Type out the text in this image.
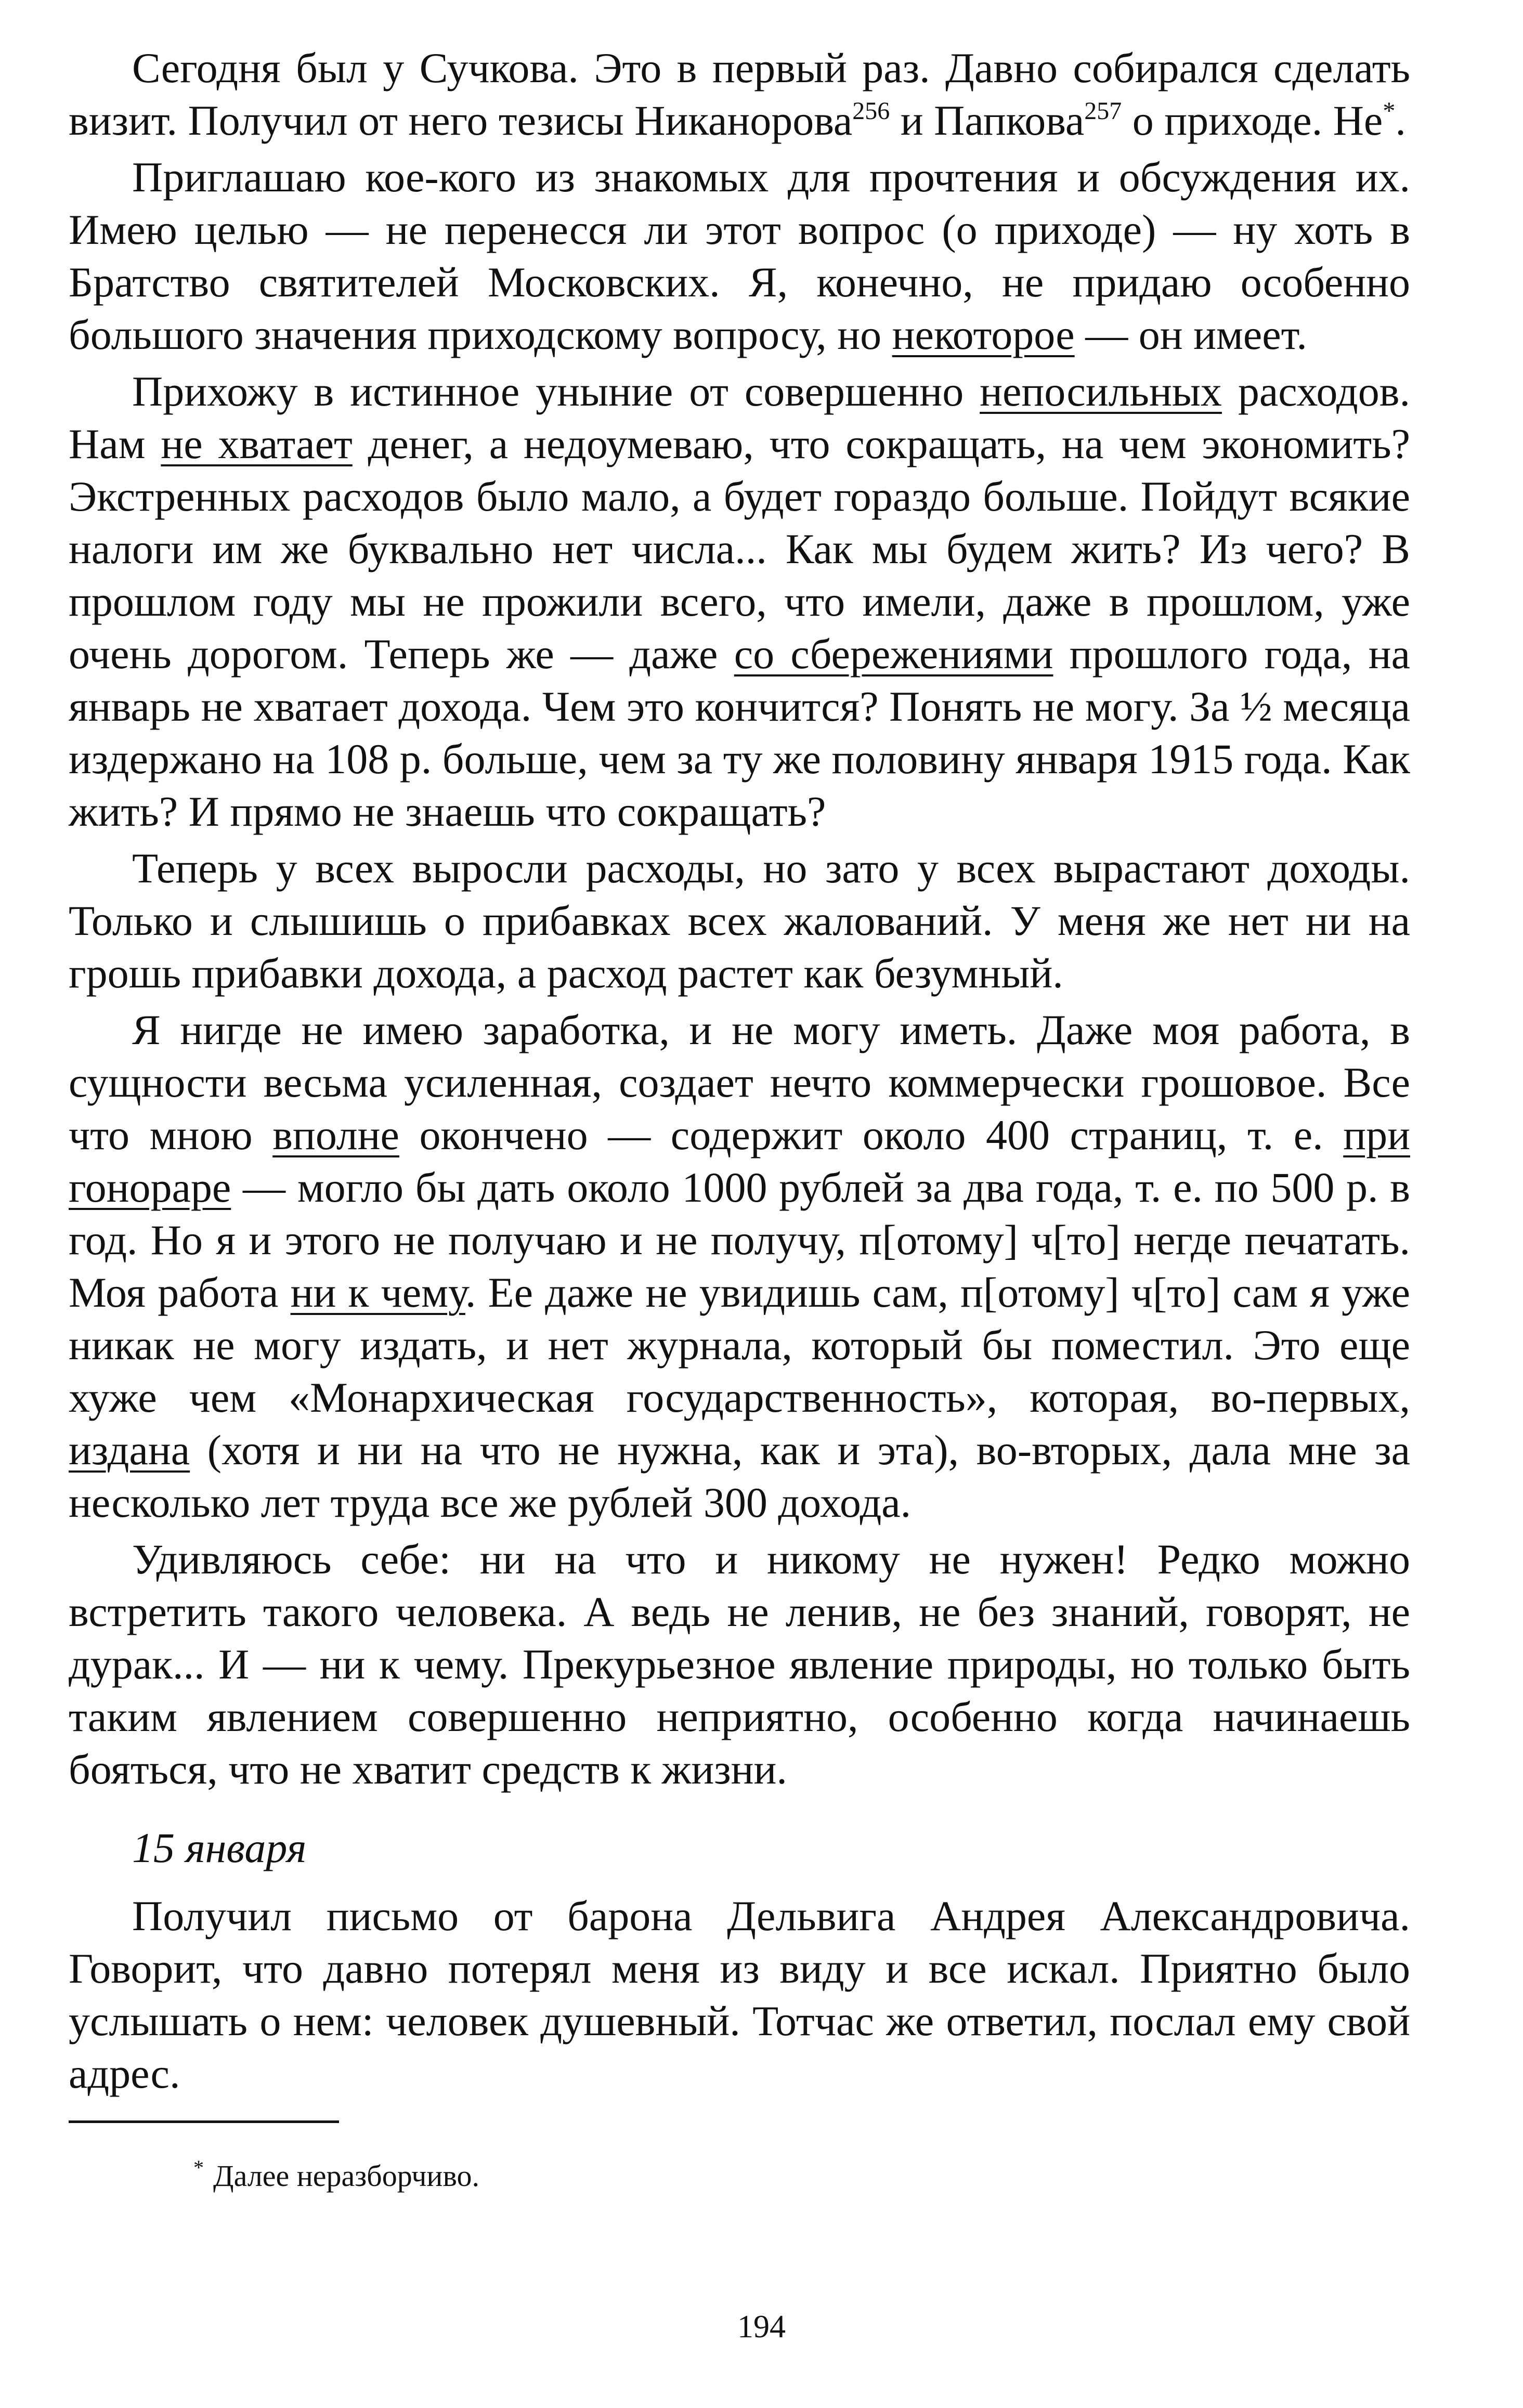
Сегодня был у Сучкова. Это в первый раз. Давно собирался сделать визит. Получил от него тезисы Никанорова$^{256}$ и Папкова$^{257}$ о приходе. Не*.

Приглашаю кое-кого из знакомых для прочтения и обсуждения их. Имею целью — не перенесся ли этот вопрос (о приходе) — ну хоть в Братство святителей Московских. Я, конечно, не придаю особенно большого значения приходскому вопросу, но некоторое — он имеет.

Прихожу в истинное уныние от совершенно непосильных расходов. Нам не хватает денег, а недоумеваю, что сокращать, на чем экономить? Экстренных расходов было мало, а будет гораздо больше. Пойдут всякие налоги им же буквально нет числа... Как мы будем жить? Из чего? В прошлом году мы не прожили всего, что имели, даже в прошлом, уже очень дорогом. Теперь же — даже со сбережениями прошлого года, на январь не хватает дохода. Чем это кончится? Понять не могу. За ½ месяца издержано на 108 р. больше, чем за ту же половину января 1915 года. Как жить? И прямо не знаешь что сокращать?

Теперь у всех выросли расходы, но зато у всех вырастают доходы. Только и слышишь о прибавках всех жалований. У меня же нет ни на грошь прибавки дохода, а расход растет как безумный.

Я нигде не имею заработка, и не могу иметь. Даже моя работа, в сущности весьма усиленная, создает нечто коммерчески грошовое. Все что мною вполне окончено — содержит около 400 страниц, т. е. при гонораре — могло бы дать около 1000 рублей за два года, т. е. по 500 р. в год. Но я и этого не получаю и не получу, п[отому] ч[то] негде печатать. Моя работа ни к чему. Ее даже не увидишь сам, п[отому] ч[то] сам я уже никак не могу издать, и нет журнала, который бы поместил. Это еще хуже чем «Монархическая государственность», которая, во-первых, издана (хотя и ни на что не нужна, как и эта), во-вторых, дала мне за несколько лет труда все же рублей 300 дохода.

Удивляюсь себе: ни на что и никому не нужен! Редко можно встретить такого человека. А ведь не ленив, не без знаний, говорят, не дурак... И — ни к чему. Прекурьезное явление природы, но только быть таким явлением совершенно неприятно, особенно когда начинаешь бояться, что не хватит средств к жизни.

15 января

Получил письмо от барона Дельвига Андрея Александровича. Говорит, что давно потерял меня из виду и все искал. Приятно было услышать о нем: человек душевный. Тотчас же ответил, послал ему свой адрес.

* Далее неразборчиво.
194
